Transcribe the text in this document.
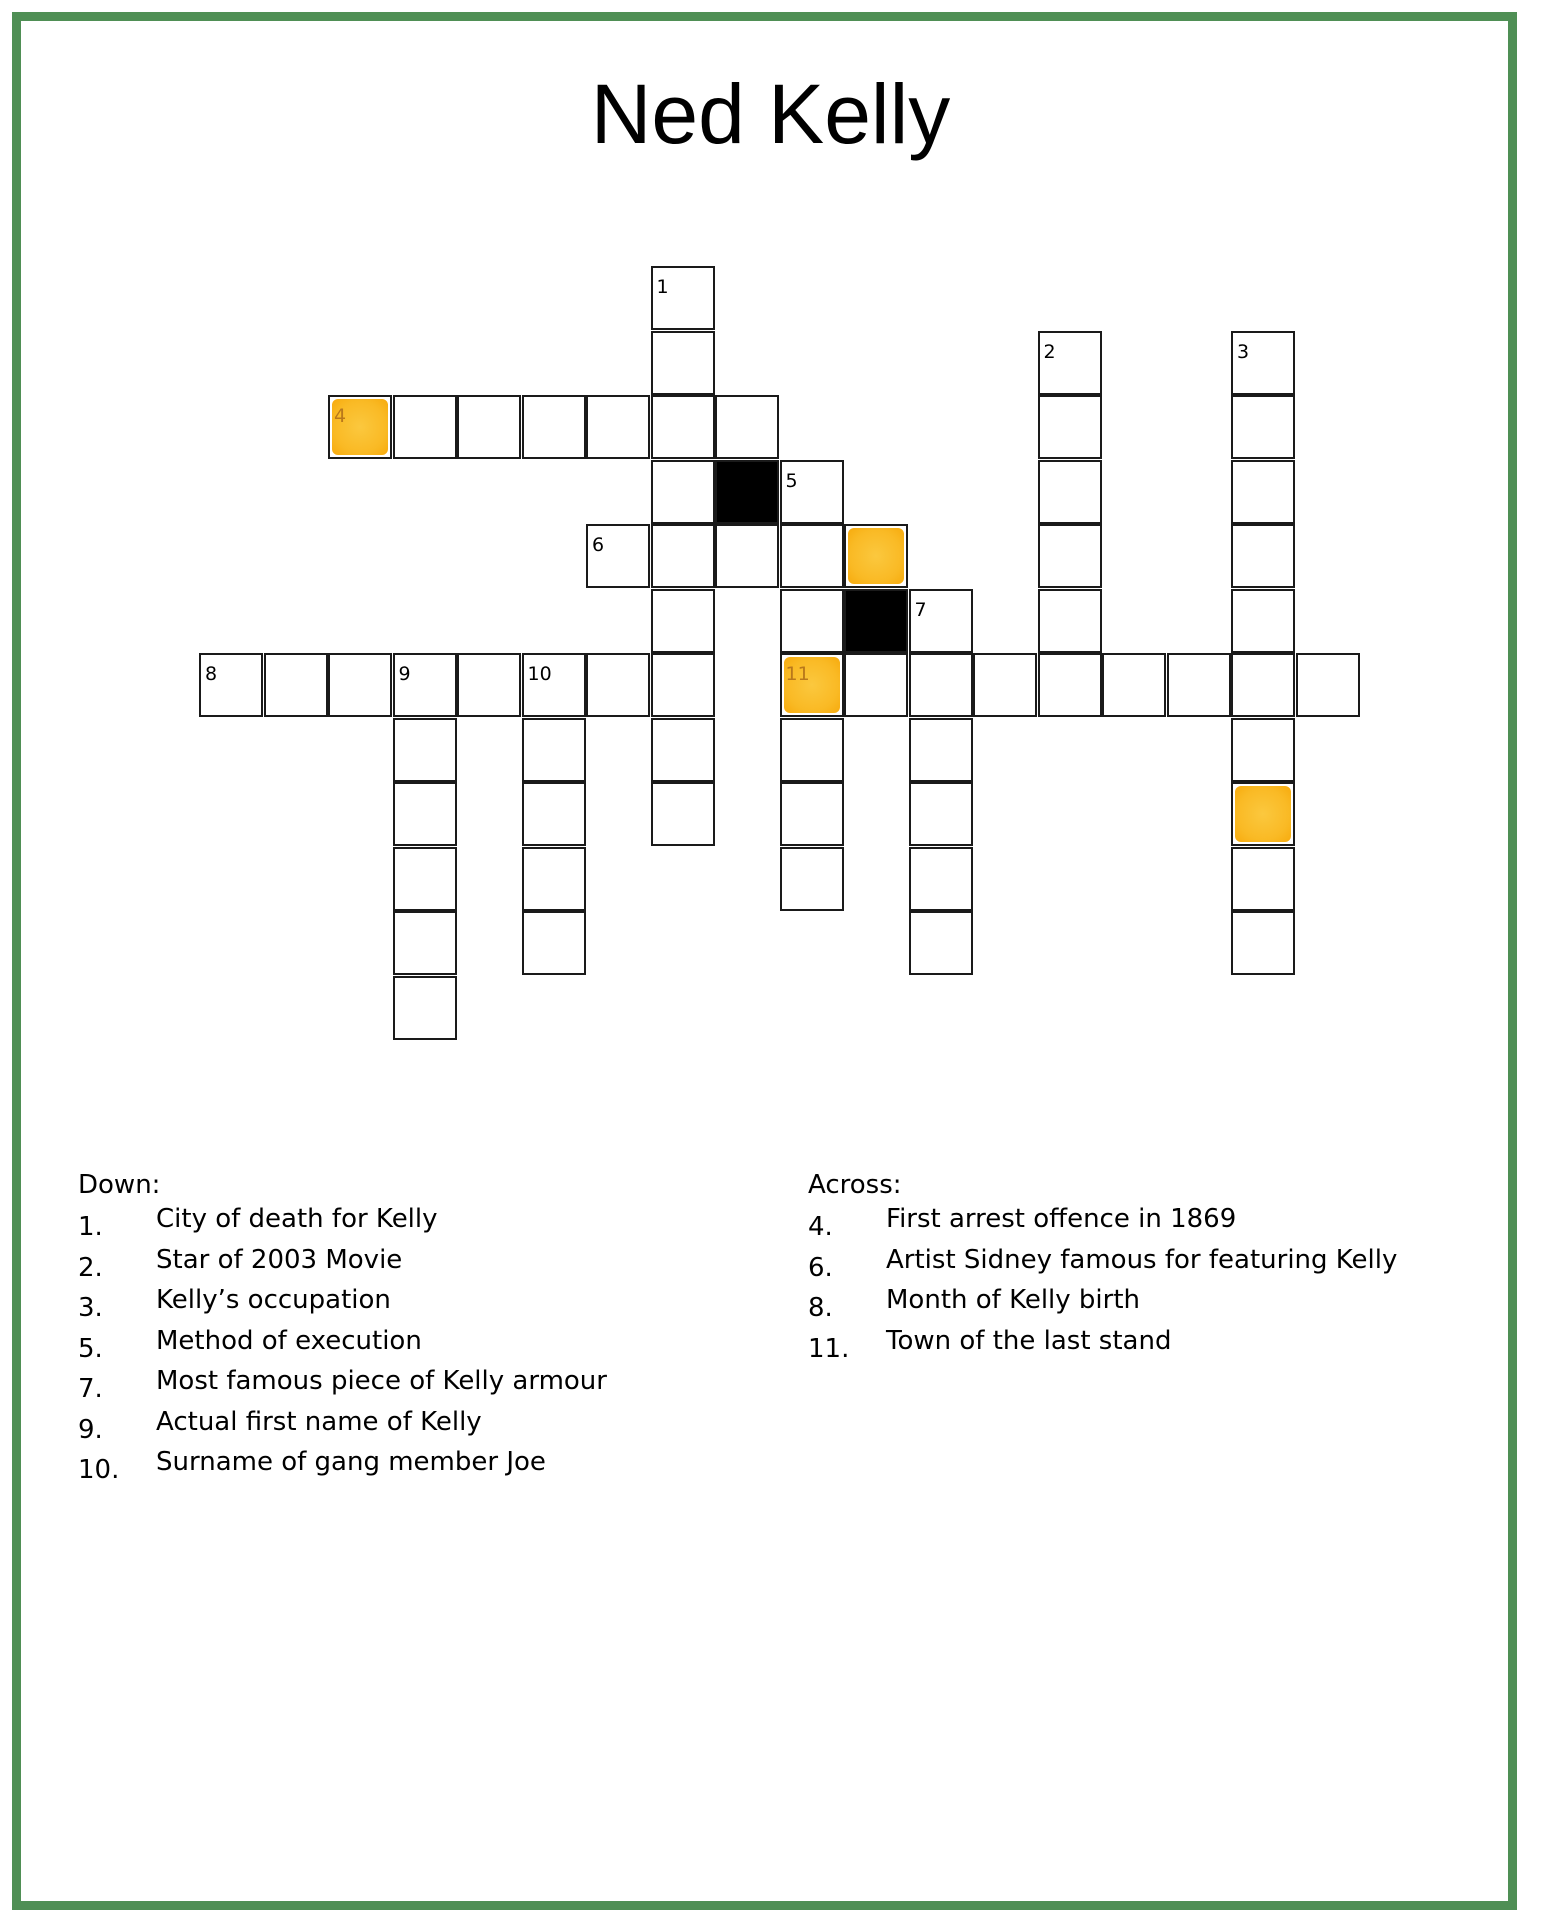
Ned Kelly
1
2	3
4
5
6
7
8	9	10	11
Down:
1.	City of death for Kelly
2.	Star of 2003 Movie
3.	Kelly’s occupation
5.	Method of execution
7.	Most famous piece of Kelly armour
9.	Actual first name of Kelly
10.	Surname of gang member Joe
Across:
4.	First arrest offence in 1869
6.	Artist Sidney famous for featuring Kelly
8.	Month of Kelly birth
11.	Town of the last stand
